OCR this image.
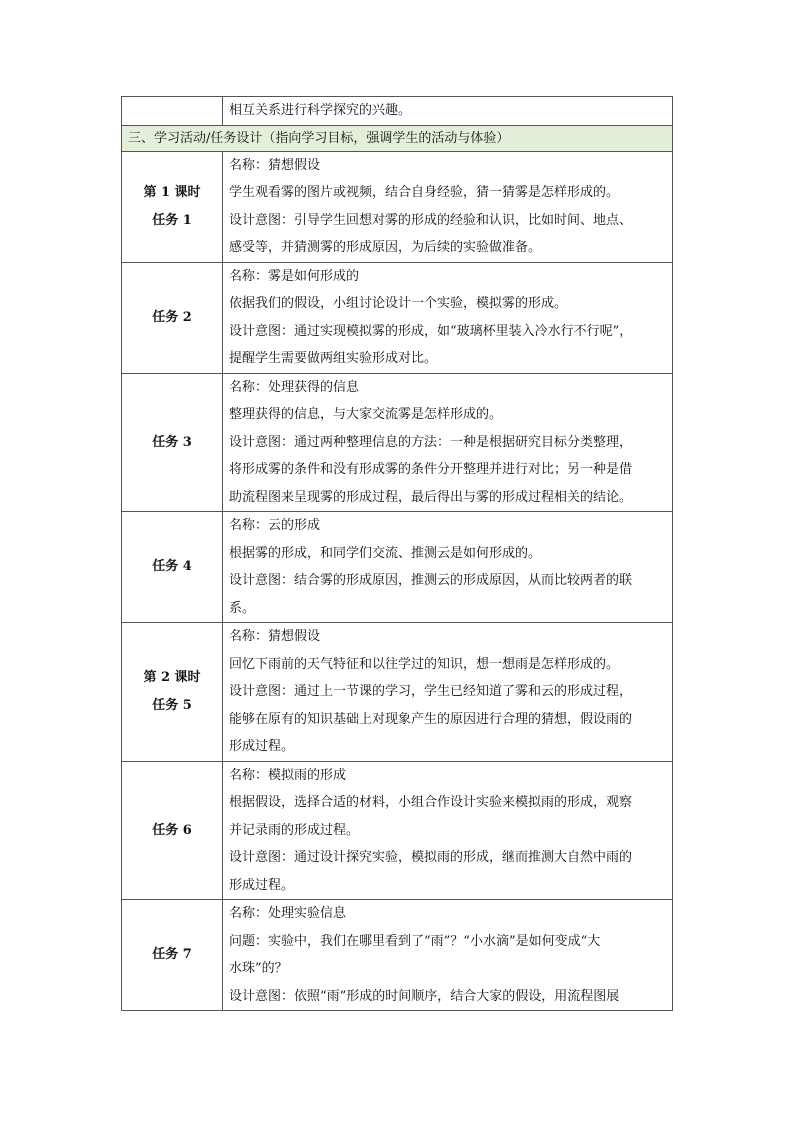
	相互关系进行科学探究的兴趣。
三、学习活动/任务设计（指向学习目标，强调学生的活动与体验）	

第 1 课时
任务 1	名称：猜想假设
学生观看雾的图片或视频，结合自身经验，猜一猜雾是怎样形成的。
设计意图：引导学生回想对雾的形成的经验和认识，比如时间、地点、
感受等，并猜测雾的形成原因，为后续的实验做准备。

任务 2	名称：雾是如何形成的
依据我们的假设，小组讨论设计一个实验，模拟雾的形成。
设计意图：通过实现模拟雾的形成，如“玻璃杯里装入冷水行不行呢”，
提醒学生需要做两组实验形成对比。

任务 3	名称：处理获得的信息
整理获得的信息，与大家交流雾是怎样形成的。
设计意图：通过两种整理信息的方法：一种是根据研究目标分类整理，
将形成雾的条件和没有形成雾的条件分开整理并进行对比；另一种是借
助流程图来呈现雾的形成过程，最后得出与雾的形成过程相关的结论。

任务 4	名称：云的形成
根据雾的形成，和同学们交流、推测云是如何形成的。
设计意图：结合雾的形成原因，推测云的形成原因，从而比较两者的联
系。

第 2 课时
任务 5	名称：猜想假设
回忆下雨前的天气特征和以往学过的知识，想一想雨是怎样形成的。
设计意图：通过上一节课的学习，学生已经知道了雾和云的形成过程，
能够在原有的知识基础上对现象产生的原因进行合理的猜想，假设雨的
形成过程。

任务 6	名称：模拟雨的形成
根据假设，选择合适的材料，小组合作设计实验来模拟雨的形成，观察
并记录雨的形成过程。
设计意图：通过设计探究实验，模拟雨的形成，继而推测大自然中雨的
形成过程。

任务 7	名称：处理实验信息
问题：实验中，我们在哪里看到了“雨”？“小水滴”是如何变成“大
水珠”的？
设计意图：依照“雨”形成的时间顺序，结合大家的假设，用流程图展
